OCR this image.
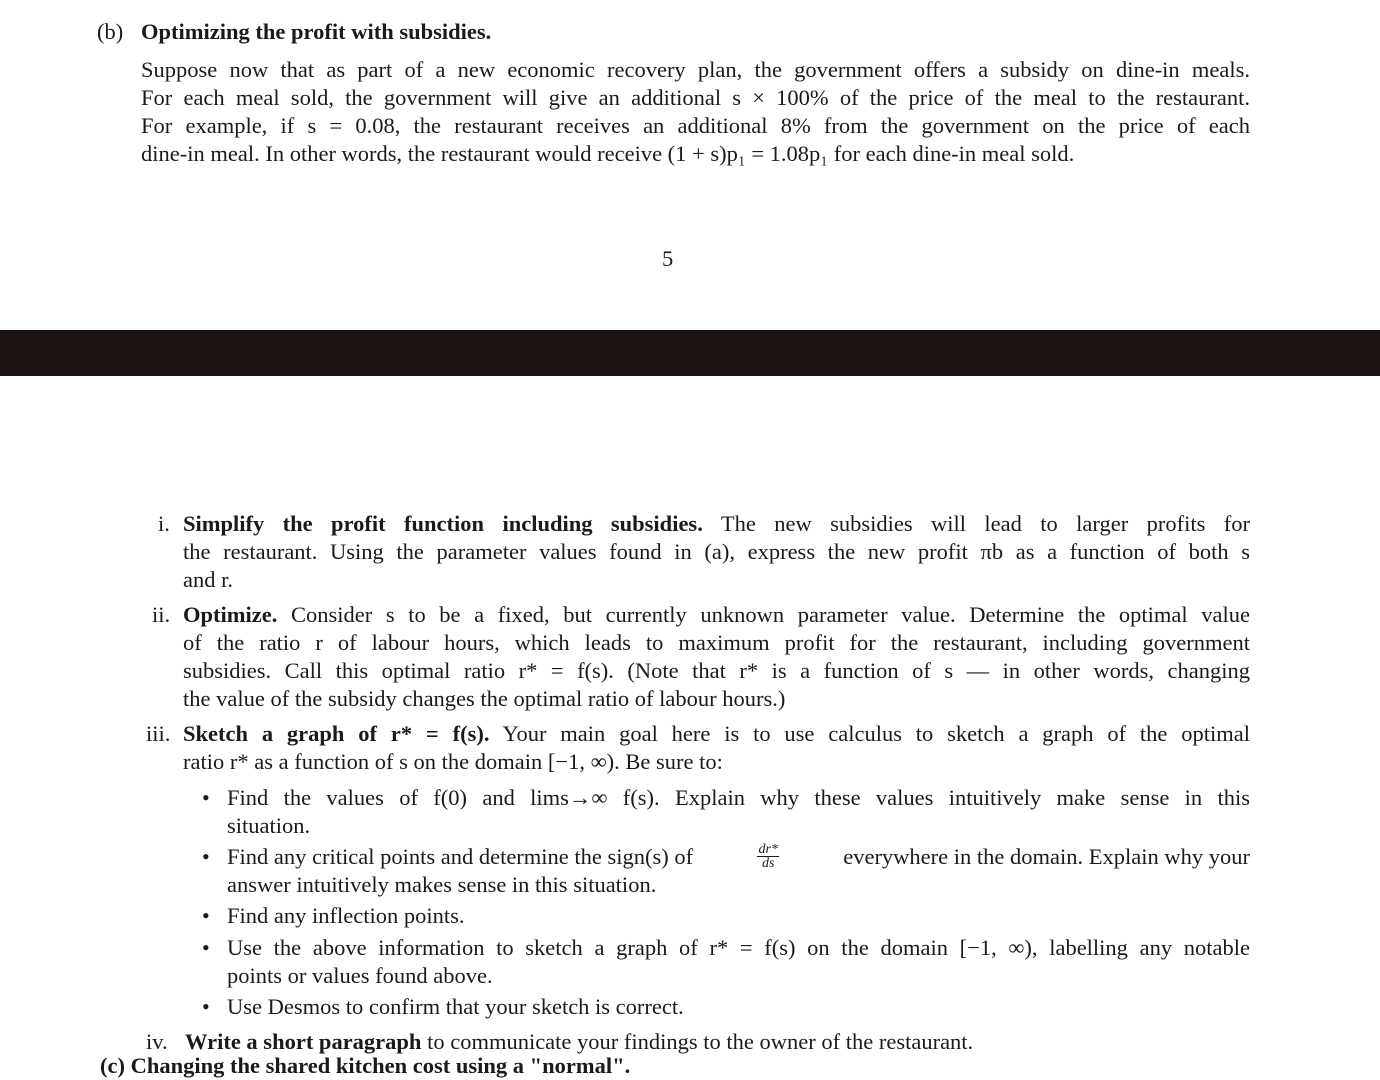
(b) Optimizing the profit with subsidies.
Suppose now that as part of a new economic recovery plan, the government offers a subsidy on dine-in meals.
For each meal sold, the government will give an additional s × 100% of the price of the meal to the restaurant.
For example, if s = 0.08, the restaurant receives an additional 8% from the government on the price of each
dine-in meal. In other words, the restaurant would receive (1 + s)p₁ = 1.08p₁ for each dine-in meal sold.
5
i. Simplify the profit function including subsidies. The new subsidies will lead to larger profits for
the restaurant. Using the parameter values found in (a), express the new profit πb as a function of both s
and r.
ii. Optimize. Consider s to be a fixed, but currently unknown parameter value. Determine the optimal value
of the ratio r of labour hours, which leads to maximum profit for the restaurant, including government
subsidies. Call this optimal ratio r* = f(s). (Note that r* is a function of s — in other words, changing
the value of the subsidy changes the optimal ratio of labour hours.)
iii. Sketch a graph of r* = f(s). Your main goal here is to use calculus to sketch a graph of the optimal
ratio r* as a function of s on the domain [−1, ∞). Be sure to:
• Find the values of f(0) and lims→∞ f(s). Explain why these values intuitively make sense in this
situation.
• Find any critical points and determine the sign(s) of	$\frac{dr*}{ds}$	everywhere in the domain. Explain why your
answer intuitively makes sense in this situation.
• Find any inflection points.
• Use the above information to sketch a graph of r* = f(s) on the domain [−1, ∞), labelling any notable
points or values found above.
• Use Desmos to confirm that your sketch is correct.
iv. Write a short paragraph to communicate your findings to the owner of the restaurant.
(c) Changing the shared kitchen cost using a "normal".
